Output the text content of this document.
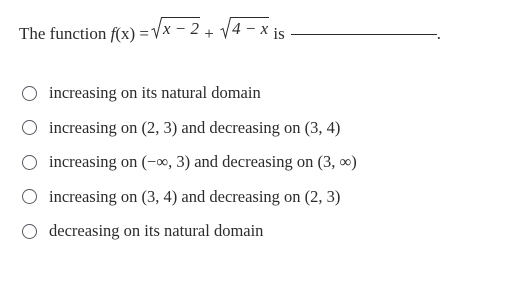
The function
f (x) = x − 2 + 4 − x is	.
increasing on its natural domain
increasing on (2, 3) and decreasing on (3, 4)
increasing on (−∞, 3) and decreasing on (3, ∞)
increasing on (3, 4) and decreasing on (2, 3)
decreasing on its natural domain
